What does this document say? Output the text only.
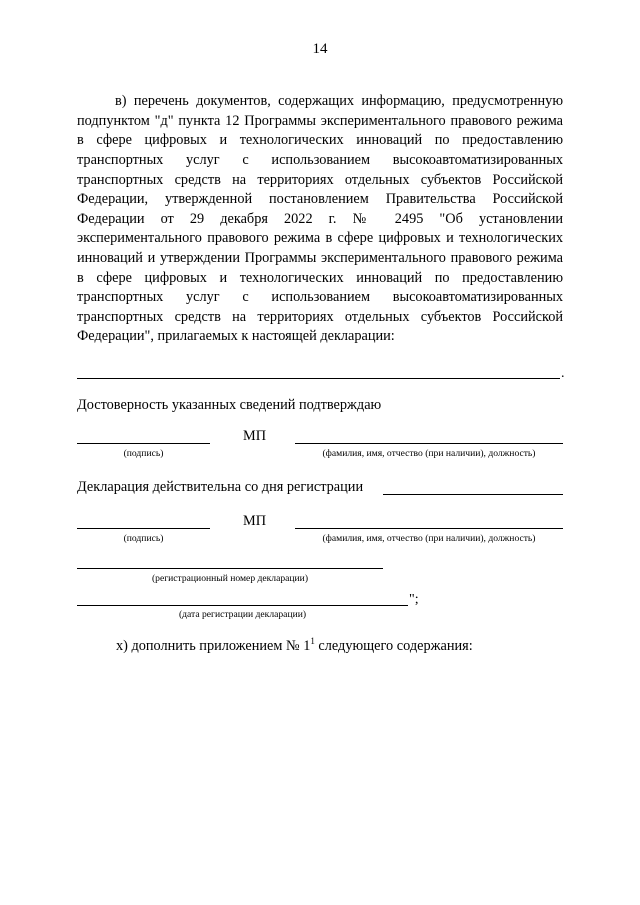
14

в) перечень документов, содержащих информацию, предусмотренную подпунктом "д" пункта 12 Программы экспериментального правового режима в сфере цифровых и технологических инноваций по предоставлению транспортных услуг с использованием высокоавтоматизированных транспортных средств на территориях отдельных субъектов Российской Федерации, утвержденной постановлением Правительства Российской Федерации от 29 декабря 2022 г. № 2495 "Об установлении экспериментального правового режима в сфере цифровых и технологических инноваций и утверждении Программы экспериментального правового режима в сфере цифровых и технологических инноваций по предоставлению транспортных услуг с использованием высокоавтоматизированных транспортных средств на территориях отдельных субъектов Российской Федерации", прилагаемых к настоящей декларации:

.
Достоверность указанных сведений подтверждаю
МП
(подпись)	(фамилия, имя, отчество (при наличии), должность)
Декларация действительна со дня регистрации
МП
(подпись)	(фамилия, имя, отчество (при наличии), должность)
(регистрационный номер декларации)
";
(дата регистрации декларации)
х) дополнить приложением № $1^1$ следующего содержания:
